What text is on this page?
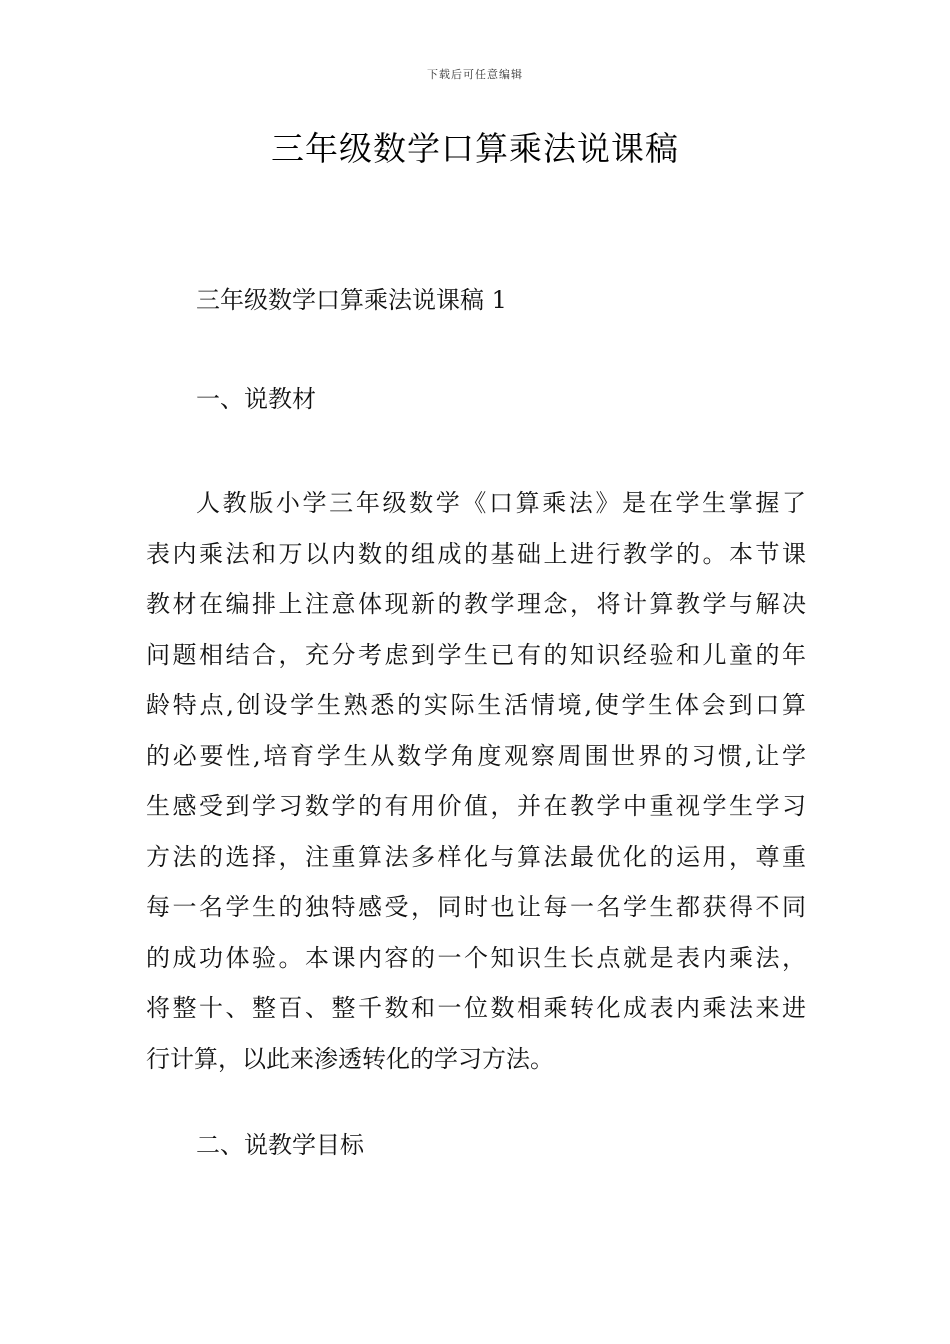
下载后可任意编辑
三年级数学口算乘法说课稿
三年级数学口算乘法说课稿 1
一、说教材

人教版小学三年级数学《口算乘法》是在学生掌握了
表内乘法和万以内数的组成的基础上进行教学的。本节课
教材在编排上注意体现新的教学理念，将计算教学与解决
问题相结合，充分考虑到学生已有的知识经验和儿童的年
龄特点,创设学生熟悉的实际生活情境,使学生体会到口算
的必要性,培育学生从数学角度观察周围世界的习惯,让学
生感受到学习数学的有用价值，并在教学中重视学生学习
方法的选择，注重算法多样化与算法最优化的运用，尊重
每一名学生的独特感受，同时也让每一名学生都获得不同
的成功体验。本课内容的一个知识生长点就是表内乘法，
将整十、整百、整千数和一位数相乘转化成表内乘法来进
行计算，以此来渗透转化的学习方法。

二、说教学目标
